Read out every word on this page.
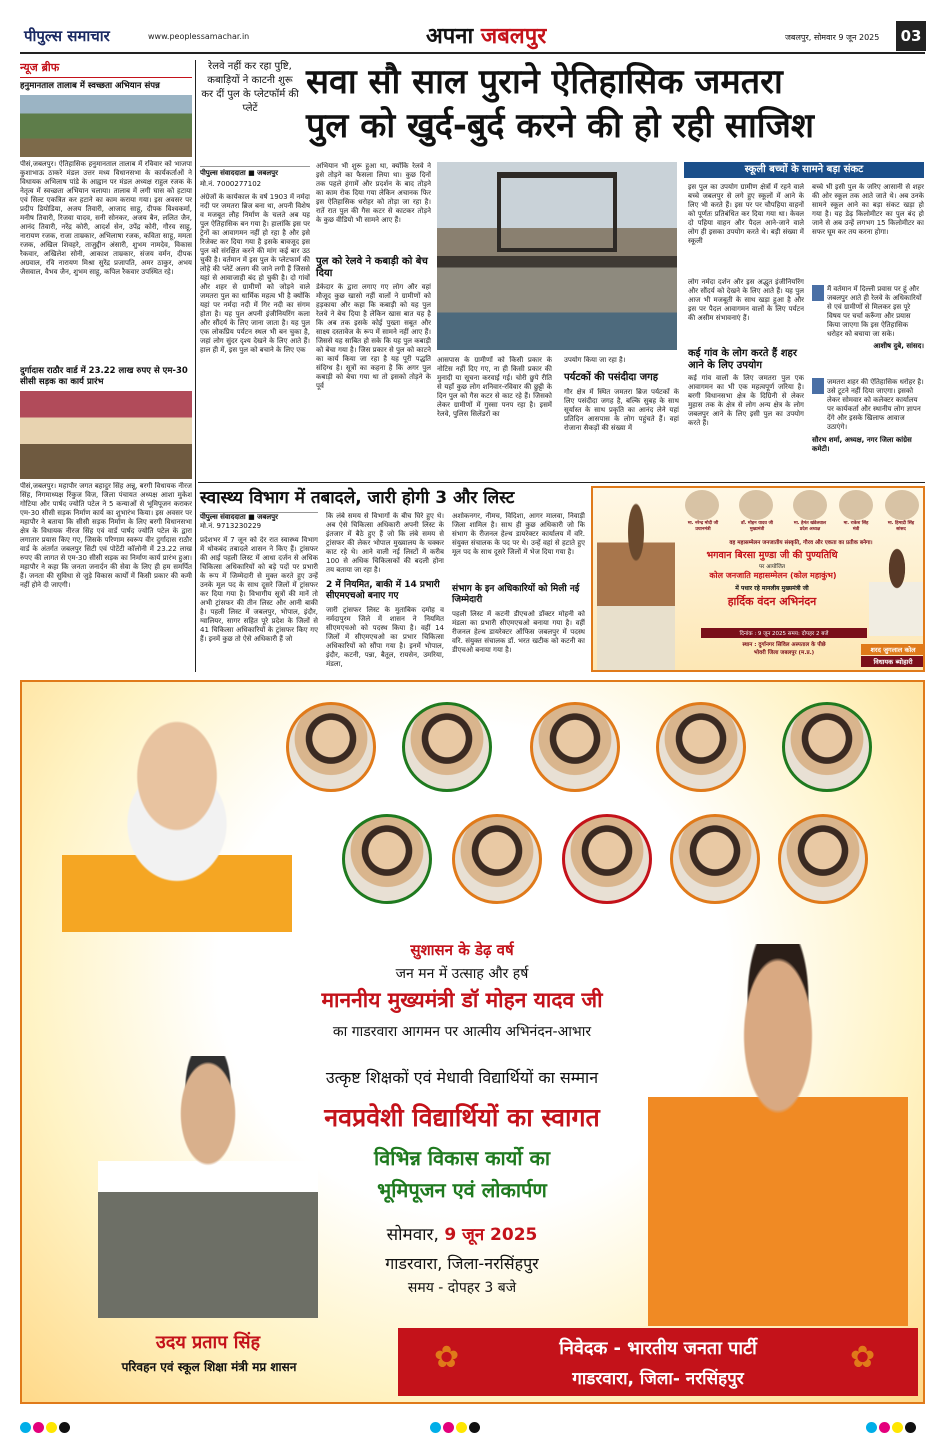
पीपुल्स समाचार	www.peoplessamachar.in	अपना जबलपुर	जबलपुर, सोमवार 9 जून 2025	03
न्यूज ब्रीफ
हनुमानताल तालाब में स्वच्छता अभियान संपन्न
पीसं,जबलपुर। ऐतिहासिक हनुमानताल तालाब में रविवार को भाजपा कुशाभाऊ ठाकरे मंडल उत्तर मध्य विधानसभा के कार्यकर्ताओं ने विधायक अभिलाष पांडे के आह्वान पर मंडल अध्यक्ष राहुल रजक के नेतृत्व में स्वच्छता अभियान चलाया। तालाब में लगी घास को हटाया एवं सिल्ट एकत्रित कर हटाने का काम कराया गया। इस अवसर पर प्रदीप डियोडिया, अजय तिवारी, आजाद साहू, दीपक विश्वकर्मा, मनीष तिवारी, रिजवा यादव, सनी सोनकर, अजय बैन, ललित जैन, आनंद तिवारी, नरेंद्र कोरी, आदर्श सेन, उपेंद्र कोरी, गौरव साहू, नारायण रजक, राजा ताम्रकार, अभिलाषा रजक, कविता साहू, ममता रजक, अखिल शिवहरे, ताजुद्दीन अंसारी, शुभम नामदेव, विकास रैकवार, अखिलेश सोनी, आकाश ताम्रकार, संजय वर्मन, दीपक अग्रवाल, रवि नारायण मिश्रा सुरेंद्र प्रजापति, अमर ठाकुर, अभय जैसवाल, वैभव जैन, शुभम साहू, कपिल रैकवार उपस्थित रहे।
दुर्गादास राठौर वार्ड में 23.22 लाख रुपए से एम-30 सीसी सड़क का कार्य प्रारंभ
पीसं,जबलपुर। महापौर जगत बहादुर सिंह अन्नू, बरगी विधायक नीरज सिंह, निगमाध्यक्ष रिंकुज विज, जिला पंचायत अध्यक्ष आशा मुकेश गोटिया और पार्षद ज्योति पटेल ने 5 कन्याओं से भूमिपूजन कराकर एम-30 सीसी सड़क निर्माण कार्य का शुभारंभ किया। इस अवसर पर महापौर ने बताया कि सीसी सड़क निर्माण के लिए बरगी विधानसभा क्षेत्र के विधायक नीरज सिंह एवं वार्ड पार्षद ज्योति पटेल के द्वारा लगातार प्रयास किए गए, जिसके परिणाम स्वरूप वीर दुर्गादास राठौर वार्ड के अंतर्गत जबलपुर सिटी एवं पोटेंटी कॉलोनी में 23.22 लाख रुपए की लागत से एम-30 सीसी सड़क का निर्माण कार्य प्रारंभ हुआ। महापौर ने कहा कि जनता जनार्दन की सेवा के लिए ही हम समर्पित हैं। जनता की सुविधा से जुड़े विकास कार्यों में किसी प्रकार की कमी नहीं होने दी जाएगी।
रेलवे नहीं कर रहा पुष्टि, कबाड़ियों ने काटनी शुरू कर दीं पुल के प्लेटफॉर्म की प्लेटें
सवा सौ साल पुराने ऐतिहासिक जमतरा
पुल को खुर्द-बुर्द करने की हो रही साजिश
पीपुल्स संवाददाता ■ जबलपुर
मो.नं. 7000277102
अंग्रेजों के कार्यकाल के वर्ष 1903 में नर्मदा नदी पर जमतरा ब्रिज बना था, अपनी विशेष व मजबूत लौह निर्माण के चलते अब यह पुल ऐतिहासिक बन गया है। हालांकि इस पर ट्रेनों का आवागमन नहीं हो रहा है और इसे रिजेक्ट कर दिया गया है इसके बावजूद इस पुल को संरक्षित करने की मांग कई बार उठ चुकी है। वर्तमान में इस पुल के प्लेटफार्म की लोहे की प्लेटें अलग की जाने लगी हैं जिससे यहां से आवाजाही बंद हो चुकी है। दो गांवों और शहर से ग्रामीणों को जोड़ने वाले जमतरा पुल का धार्मिक महत्व भी है क्योंकि यहां पर नर्मदा नदी में गिर नदी का संगम होता है। यह पुल अपनी इंजीनियरिंग कला और सौंदर्य के लिए जाना जाता है। यह पुल एक लोकप्रिय पर्यटन स्थल भी बन चुका है, जहां लोग सुंदर दृश्य देखने के लिए आते हैं। हाल ही में, इस पुल को बचाने के लिए एक
अभियान भी शुरू हुआ था, क्योंकि रेलवे ने इसे तोड़ने का फैसला लिया था। कुछ दिनों तक पहले हंगामें और प्रदर्शन के बाद तोड़ने का काम रोक दिया गया लेकिन अचानक फिर इस ऐतिहासिक धरोहर को तोड़ा जा रहा है। रातें रात पुल की गैस कटर से काटकर तोड़ने के कुछ वीडियो भी सामने आए हैं।
पुल को रेलवे ने कबाड़ी को बेच दिया
डेकेदार के द्वारा लगाए गए लोग और वहां मौजूद कुछ खासो नहीं वालों ने ग्रामीणों को हड़काया और कहा कि कबाड़ी को यह पुल रेलवे ने बेच दिया है लेकिन खास बात यह है कि अब तक इसके कोई पुख्ता सबूत और साक्ष्य दस्तावेज के रूप में सामने नहीं आए हैं। जिससे यह साबित हो सके कि यह पुल कबाड़ी को बेचा गया है। जिस प्रकार से पुल को काटने का कार्य किया जा रहा है यह पूरी पद्धति संदिग्ध है। सूत्रों का कहना है कि अगर पुल कबाड़ी को बेचा गया था तो इसको तोड़ने के पूर्व
आसपास के ग्रामीणों को किसी प्रकार के नोटिस नहीं दिए गए, ना ही किसी प्रकार की मुनादी या सूचना करवाई गई। चोरी छुपे रीति से यहाँ कुछ लोग शनिवार-रविवार की छुट्टी के दिन पुल को गैस कटर से काट रहे हैं। जिसको लेकर ग्रामीणों में गुस्सा पनप रहा है। इसमें रेलवे, पुलिस सिलेंडरों का
उपयोग किया जा रहा है।
पर्यटकों की पसंदीदा जगह
गौर क्षेत्र में स्थित जमतरा ब्रिज पर्यटकों के लिए पसंदीदा जगह है, बल्कि सुबह के साथ सूर्यास्त के साथ प्रकृति का आनंद लेने यहां प्रतिदिन आसपास के लोग पहुंचते हैं। वहां रोजाना सैकड़ों की संख्या में
स्कूली बच्चों के सामने बड़ा संकट
इस पुल का उपयोग ग्रामीण क्षेत्रों में रहने वाले बच्चे जबलपुर से लगे हुए स्कूलों में आने के लिए भी करते हैं। इस पर पर चौपहिया वाहनों को पूर्णतः प्रतिबंधित कर दिया गया था। केवल दो पहिया वाहन और पैदल आने-जाने वाले लोग ही इसका उपयोग करते थे। बड़ी संख्या में स्कूली
बच्चे भी इसी पुल के जरिए आसानी से शहर की ओर स्कूल तक आते जाते थे। अब उनके सामने स्कूल आने का बड़ा संकट खड़ा हो गया है। यह डेढ़ किलोमीटर का पुल बंद हो जाने से अब उन्हें लगभग 15 किलोमीटर का सफर घूम कर तय करना होगा।
लोग नर्मदा दर्शन और इस अद्भुत इंजीनियरिंग और सौंदर्य को देखने के लिए आते हैं। यह पुल आज भी मजबूती के साथ खड़ा हुआ है और इस पर पैदल आवागमन वालों के लिए पर्यटन की असीम संभावनाएं हैं।
कई गांव के लोग करते हैं शहर आने के लिए उपयोग
कई गांव वालों के लिए जमतरा पुल एक आवागमन का भी एक महत्वपूर्ण जरिया है। बरगी विधानसभा क्षेत्र के दिग्रिनी से लेकर मुहास तक के क्षेत्र से लोग अन्य क्षेत्र के लोग जबलपुर आने के लिए इसी पुल का उपयोग करते हैं।
मैं वर्तमान में दिल्ली प्रवास पर हूं और जबलपुर आते ही रेलवे के अधिकारियों से एवं ग्रामीणों से मिलकर इस पूरे विषय पर चर्चा करूँगा और प्रयास किया जाएगा कि इस ऐतिहासिक धरोहर को बचाया जा सके।
आशीष दुबे, सांसद।
जमतरा शहर की ऐतिहासिक धरोहर है। उसे टूटने नहीं दिया जाएगा। इसको लेकर सोमवार को कलेक्टर कार्यालय पर कार्यकर्ता और स्थानीय लोग ज्ञापन देंगे और इसके खिलाफ आवाज उठाएंगे।
सौरभ शर्मा, अध्यक्ष, नगर जिला कांग्रेस कमेटी।
स्वास्थ्य विभाग में तबादले, जारी होगी 3 और लिस्ट
पीपुल्स संवाददाता ■ जबलपुर
मो.नं. 9713230229
प्रदेशभर में 7 जून को देर रात स्वास्थ्य विभाग में थोकबंद तबादले शासन ने किए हैं। ट्रांसफर की आई पहली लिस्ट में आधा दर्जन से अधिक चिकित्सा अधिकारियों को बड़े पदों पर प्रभारी के रूप में जिम्मेदारी से मुक्त करते हुए उन्हें उनके मूल पद के साथ दूसरे जिलों में ट्रांसफर कर दिया गया है। विभागीय सूत्रों की मानें तो अभी ट्रांसफर की तीन लिस्ट और आनी बाकी है। पहली लिस्ट में जबलपुर, भोपाल, इंदौर, ग्वालियर, सागर सहित पूरे प्रदेश के जिलों से 41 चिकित्सा अधिकारियों के ट्रांसफर किए गए हैं। इनमें कुछ तो ऐसे अधिकारी हैं जो
कि लंबे समय से विभागों के बीच घिरे हुए थे। अब ऐसे चिकित्सा अधिकारी अपनी लिस्ट के इंतजार में बैठे हुए हैं जो कि लंबे समय से ट्रांसफर की लेकर भोपाल मुख्यालय के चक्कर काट रहे थे। आने वाली नई लिस्टों में करीब 100 से अधिक चिकित्सकों की बदली होना तय बताया जा रहा है।
2 में नियमित, बाकी में 14 प्रभारी सीएमएचओ बनाए गए
जारी ट्रांसफर लिस्ट के मुताबिक दमोह व नर्मदापुरम जिले में शासन ने नियमित सीएमएचओ को पदस्थ किया है। वहीं 14 जिलों में सीएमएचओ का प्रभार चिकित्सा अधिकारियों को सौंपा गया है। इनमें भोपाल, इंदौर, कटनी, पन्ना, बैतूल, रायसेन, उमरिया, मंडला,
अशोकनगर, नीमच, विदिशा, आगर मालवा, निवाड़ी जिला शामिल है। साथ ही कुछ अधिकारी जो कि संभाग के रीजनल हेल्थ डायरेक्टर कार्यालय में वरि. संयुक्त संचालक के पद पर थे। उन्हें वहां से हटाते हुए मूल पद के साथ दूसरे जिलों में भेज दिया गया है।
संभाग के इन अधिकारियों को मिली नई जिम्मेदारी
पहली लिस्ट में कटनी डीएचओ डॉक्टर मोहनी को मंडला का प्रभारी सीएमएचओ बनाया गया है। वहीं रीजनल हेल्थ डायरेक्टर ऑफिस जबलपुर में पदस्थ वरि. संयुक्त संचालक डॉ. भरत खटीक को कटनी का डीएचओ बनाया गया है।
मा. नरेन्द्र मोदी जी
प्रधानमंत्री
डॉ. मोहन यादव जी
मुख्यमंत्री
मा. हेमंत खंडेलवाल
प्रदेश अध्यक्ष
मा. राकेश सिंह
मंत्री
मा. हिमाद्री सिंह
सांसद
वह महासम्मेलन जनजातीय संस्कृति, गौरव और एकता का प्रतीक बनेगा।
भगवान बिरसा मुण्डा जी की पुण्यतिथि
पर आयोजित
कोल जनजाति महासम्मेलन (कोल महाकुंभ)
में पधार रहे मानलीय मुख्यमंत्री जी
हार्दिक वंदन अभिनंदन
दिनांक : 9 जून 2025 समय: दोपहर 2 बजे
स्थान : दुर्गानगर सिविल अस्पताल के पीछे
भोवरी जिला जबलपुर (म.प्र.)	शरद जुगलाल कोल
विधायक ब्योहारी
सुशासन के डेढ़ वर्ष
जन मन में उत्साह और हर्ष
माननीय मुख्यमंत्री डॉ मोहन यादव जी
का गाडरवारा आगमन पर आत्मीय अभिनंदन-आभार
उत्कृष्ट शिक्षकों एवं मेधावी विद्यार्थियों का सम्मान
नवप्रवेशी विद्यार्थियों का स्वागत
विभिन्न विकास कार्यो का
भूमिपूजन एवं लोकार्पण
सोमवार, 9 जून 2025
गाडरवारा, जिला-नरसिंहपुर
समय - दोपहर 3 बजे
उदय प्रताप सिंह
परिवहन एवं स्कूल शिक्षा मंत्री मप्र शासन	✿	✿
निवेदक - भारतीय जनता पार्टी
गाडरवारा, जिला- नरसिंहपुर
